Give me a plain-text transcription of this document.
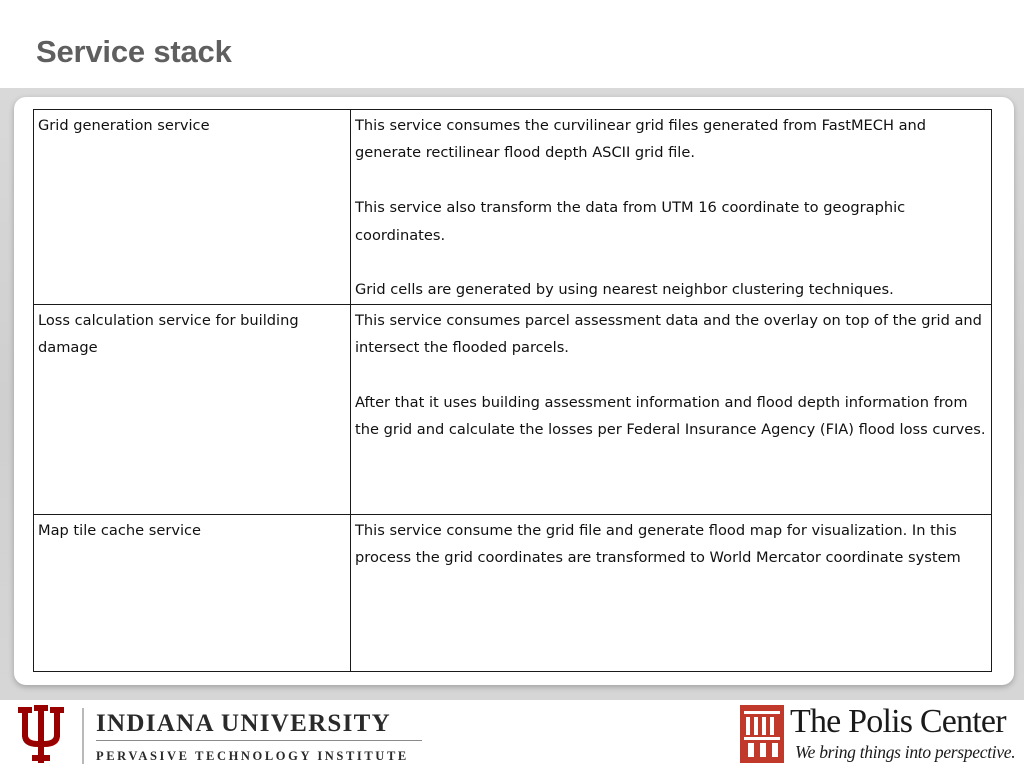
Service stack
Grid generation service	This service consumes the curvilinear grid files generated from FastMECH and generate rectilinear flood depth ASCII grid file.
This service also transform the data from UTM 16 coordinate to geographic coordinates.
Grid cells are generated by using nearest neighbor clustering techniques.

Loss calculation service for building damage	This service consumes parcel assessment data and the overlay on top of the grid and intersect the flooded parcels.
After that it uses building assessment information and flood depth information from the grid and calculate the losses per Federal Insurance Agency (FIA) flood loss curves.

Map tile cache service	This service consume the grid file and generate flood map for visualization. In this process the grid coordinates are transformed to World Mercator coordinate system
INDIANA UNIVERSITY
PERVASIVE TECHNOLOGY INSTITUTE
The Polis Center
We bring things into perspective.
